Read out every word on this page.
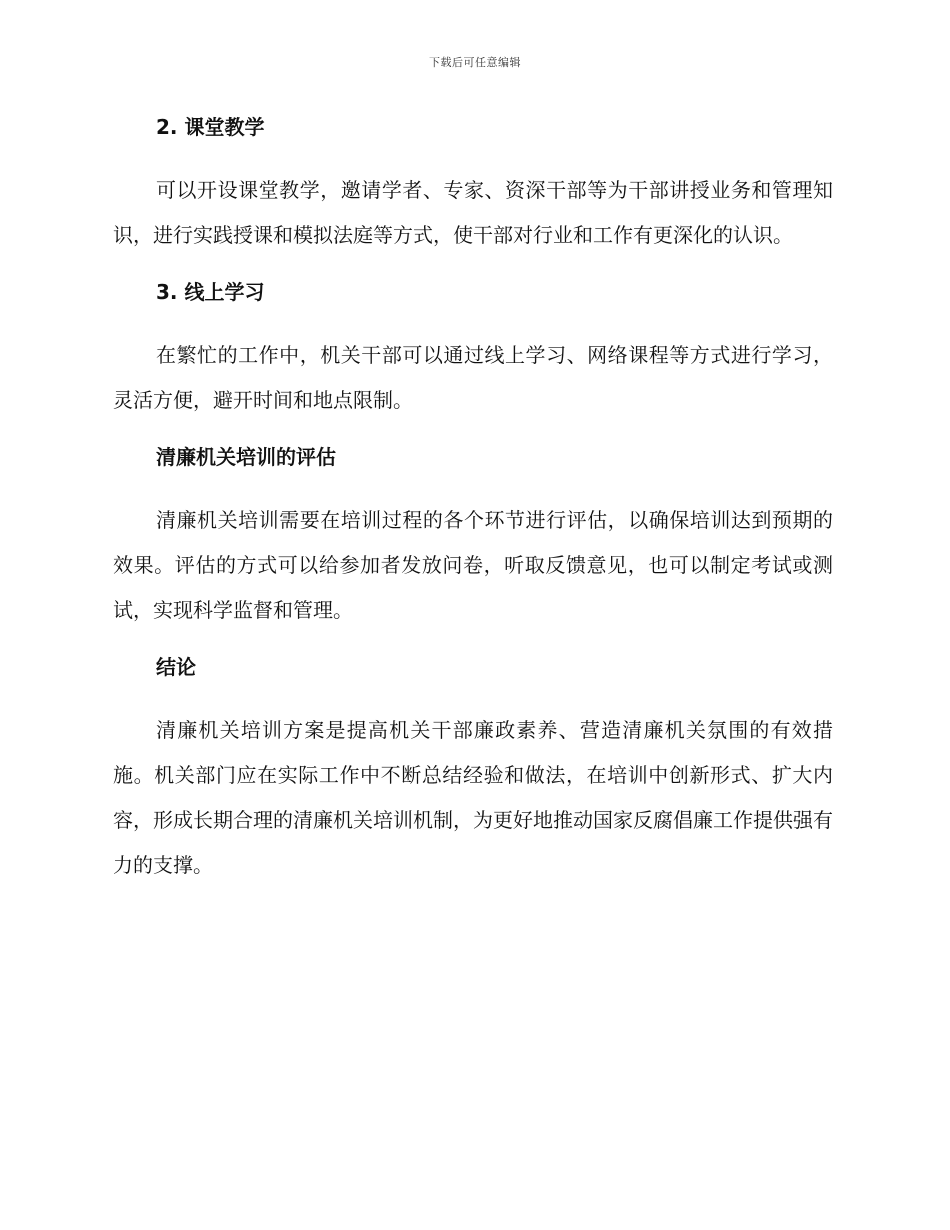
下载后可任意编辑
2. 课堂教学

可以开设课堂教学，邀请学者、专家、资深干部等为干部讲授业务和管理知识，进行实践授课和模拟法庭等方式，使干部对行业和工作有更深化的认识。

3. 线上学习

在繁忙的工作中，机关干部可以通过线上学习、网络课程等方式进行学习，灵活方便，避开时间和地点限制。

清廉机关培训的评估

清廉机关培训需要在培训过程的各个环节进行评估，以确保培训达到预期的效果。评估的方式可以给参加者发放问卷，听取反馈意见，也可以制定考试或测试，实现科学监督和管理。

结论

清廉机关培训方案是提高机关干部廉政素养、营造清廉机关氛围的有效措施。机关部门应在实际工作中不断总结经验和做法，在培训中创新形式、扩大内容，形成长期合理的清廉机关培训机制，为更好地推动国家反腐倡廉工作提供强有力的支撑。
